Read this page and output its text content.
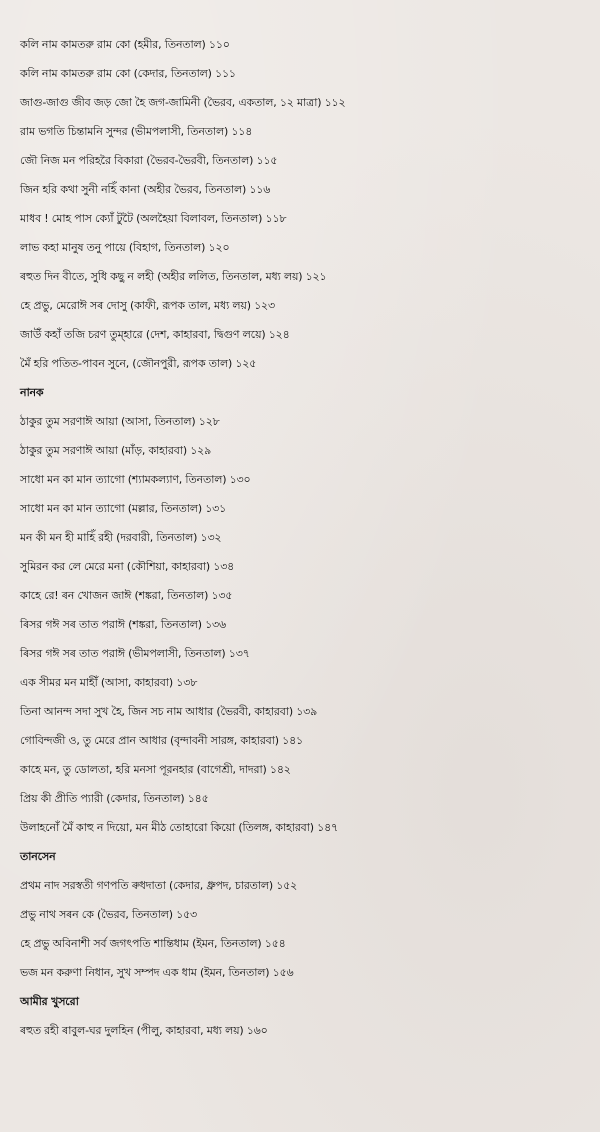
কলি নাম কামতরু রাম কো (হমীর, তিনতাল) ১১০
কলি নাম কামতরু রাম কো (কেদার, তিনতাল) ১১১
জাগু-জাগু জীব জড় জো হৈ জগ-জামিনী (ভৈরব, একতাল, ১২ মাত্রা) ১১২
রাম ভগতি চিন্তামনি সুন্দর (ভীমপলাসী, তিনতাল) ১১৪
জৌ নিজ মন পরিহরৈ বিকারা (ভৈরব-ভৈরবী, তিনতাল) ১১৫
জিন হরি কথা সুনী নহিঁ কানা (অহীর ভৈরব, তিনতাল) ১১৬
মাধব ! মোহ পাস ক্যোঁ টুটৈ (অলহৈয়া বিলাবল, তিনতাল) ১১৮
লাভ কহা মানুষ তনু পায়ে (বিহাগ, তিনতাল) ১২০
ৰহুত দিন বীতে, সুধি কছু ন লহী (অহীর ললিত, তিনতাল, মধ্য লয়) ১২১
হে প্রভু, মেরোঈ সৰ দোসু (কাফী, রূপক তাল, মধ্য লয়) ১২৩
জাউঁ কহাঁ তজি চরণ তুম্হারে (দেশ, কাহারবা, দ্বিগুণ লয়ে) ১২৪
মৈঁ হরি পতিত-পাবন সুনে, (জৌনপুরী, রূপক তাল) ১২৫
নানক
ঠাকুর তুম সরণাঈ আয়া (আসা, তিনতাল) ১২৮
ঠাকুর তুম সরণাঈ আয়া (মাঁড়, কাহারবা) ১২৯
সাধো মন কা মান ত্যাগো (শ্যামকল্যাণ, তিনতাল) ১৩০
সাধো মন কা মান ত্যাগো (মল্লার, তিনতাল) ১৩১
মন কী মন হী মাহিঁ রহী (দরবারী, তিনতাল) ১৩২
সুমিরন কর লে মেরে মনা (কৌশিয়া, কাহারবা) ১৩৪
কাহে রে! ৰন খোজন জাঈ (শঙ্করা, তিনতাল) ১৩৫
ৰিসর গঈ সৰ তাত পরাঈ (শঙ্করা, তিনতাল) ১৩৬
ৰিসর গঈ সৰ তাত পরাঈ (ভীমপলাসী, তিনতাল) ১৩৭
এক সীমর মন মাহীঁ (আসা, কাহারবা) ১৩৮
তিনা আনন্দ সদা সুখ হৈ, জিন সচ নাম আধার (ভৈরবী, কাহারবা) ১৩৯
গোবিন্দজী ও, তু মেরে প্রান আধার (বৃন্দাবনী সারঙ্গ, কাহারবা) ১৪১
কাহে মন, তু ডোলতা, হরি মনসা পূরনহার (বাগেশ্রী, দাদরা) ১৪২
প্রিয় কী প্রীতি প্যারী (কেদার, তিনতাল) ১৪৫
উলাহনোঁ মৈঁ কাহু ন দিয়ো, মন মীঠ তোহারো কিয়ো (তিলঙ্গ, কাহারবা) ১৪৭
তানসেন
প্রথম নাদ সরস্বতী গণপতি ৰুধদাতা (কেদার, ধ্রুপদ, চারতাল) ১৫২
প্রভু নাথ সৰন কে (ভৈরব, তিনতাল) ১৫৩
হে প্রভু অবিনাশী সর্ব জগৎপতি শান্তিধাম (ইমন, তিনতাল) ১৫৪
ভজ মন করুণা নিধান, সুখ সম্পদ এক ধাম (ইমন, তিনতাল) ১৫৬
আমীর খুসরো
ৰহুত রহী ৰাবুল-ঘর দুলহিন (পীলু, কাহারবা, মধ্য লয়) ১৬০
